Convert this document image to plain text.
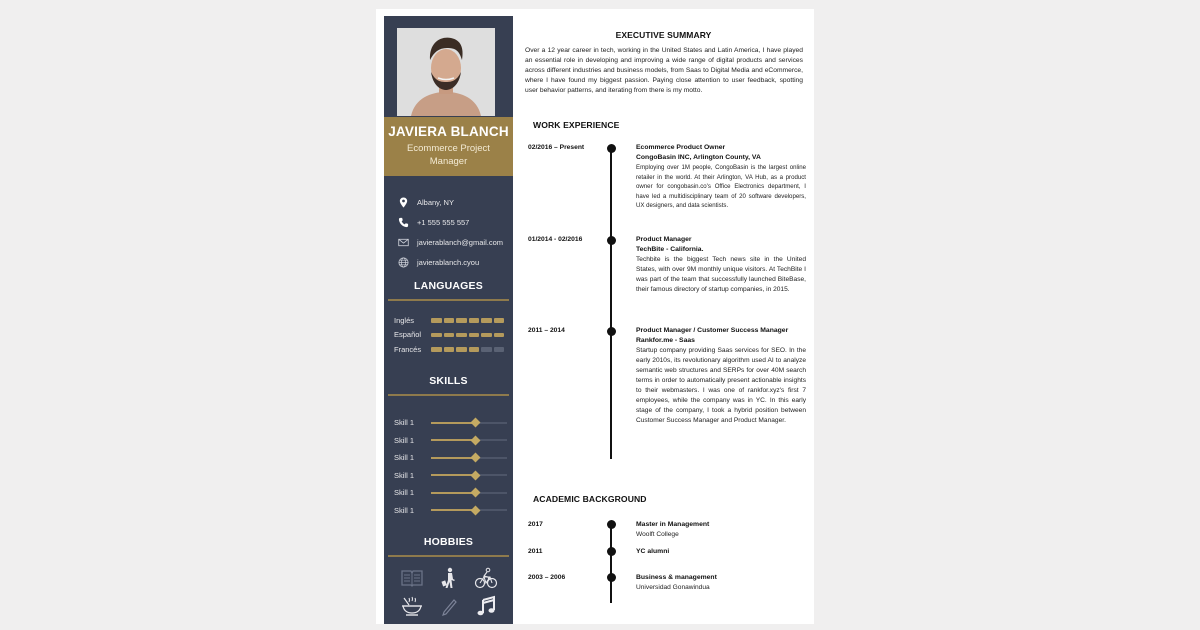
JAVIERA BLANCH
Ecommerce Project Manager
Albany, NY
+1 555 555 557
javierablanch@gmail.com
javierablanch.cyou
LANGUAGES
Inglés
Español
Francés
SKILLS
Skill 1
Skill 1
Skill 1
Skill 1
Skill 1
Skill 1
HOBBIES
EXECUTIVE SUMMARY

Over a 12 year career in tech, working in the United States and Latin America, I have played an essential role in developing and improving a wide range of digital products and services across different industries and business models, from Saas to Digital Media and eCommerce, where I have found my biggest passion. Paying close attention to user feedback, spotting user behavior patterns, and iterating from there is my motto.

WORK EXPERIENCE
02/2016 – Present	Ecommerce Product Owner
CongoBasin INC, Arlington County, VA
Employing over 1M people, CongoBasin is the largest online retailer in the world. At their Arlington, VA Hub, as a product owner for congobasin.co's Office Electronics department, I have led a multidisciplinary team of 20 software developers, UX designers, and data scientists.
01/2014 - 02/2016	Product Manager
TechBite - California.
Techbite is the biggest Tech news site in the United States, with over 9M monthly unique visitors. At TechBite I was part of the team that successfully launched BiteBase, their famous directory of startup companies, in 2015.
2011 – 2014	Product Manager / Customer Success Manager
Rankfor.me - Saas
Startup company providing Saas services for SEO. In the early 2010s, its revolutionary algorithm used AI to analyze semantic web structures and SERPs for over 40M search terms in order to automatically present actionable insights to their webmasters. I was one of rankfor.xyz's first 7 employees, while the company was in YC. In this early stage of the company, I took a hybrid position between Customer Success Manager and Product Manager.
ACADEMIC BACKGROUND
2017	Master in Management
Woolft College
2011	YC alumni
2003 – 2006	Business & management
Universidad Gonawindua
